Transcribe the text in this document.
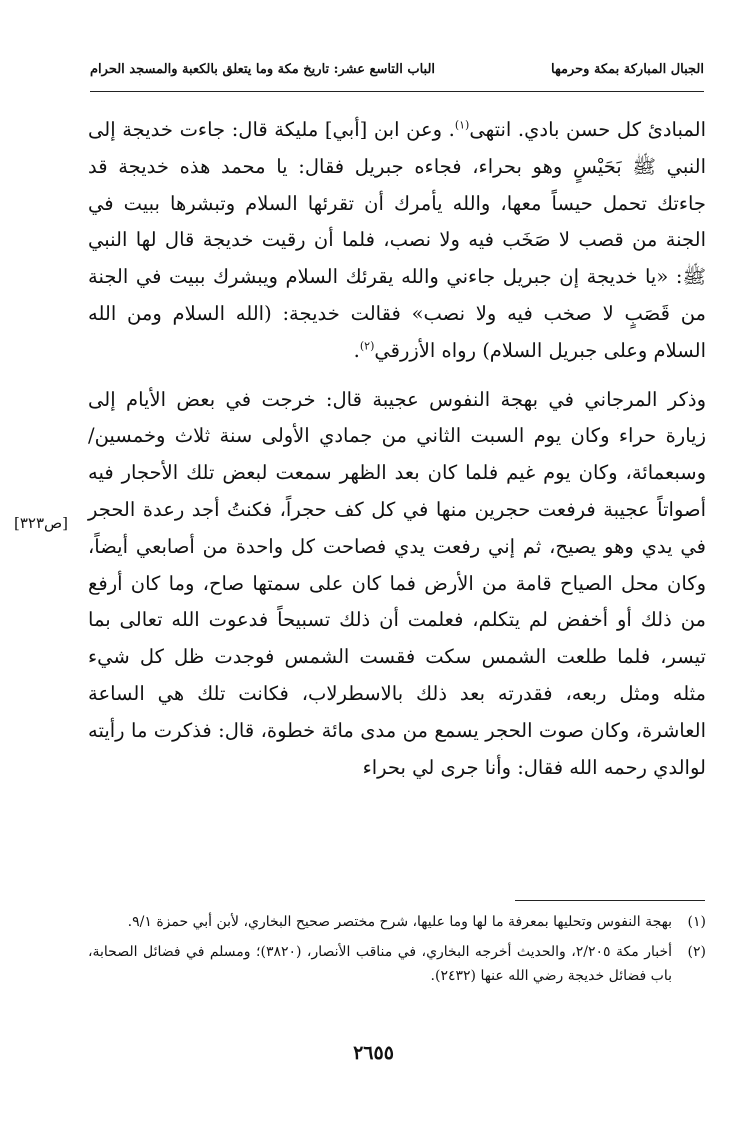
الجبال المباركة بمكة وحرمها
الباب التاسع عشر: تاريخ مكة وما يتعلق بالكعبة والمسجد الحرام

المبادئ كل حسن بادي. انتهى$^{(١)}$. وعن ابن [أبي] مليكة قال: جاءت خديجة إلى النبي ﷺ بَحَيْسٍ وهو بحراء، فجاءه جبريل فقال: يا محمد هذه خديجة قد جاءتك تحمل حيساً معها، والله يأمرك أن تقرئها السلام وتبشرها ببيت في الجنة من قصب لا صَخَب فيه ولا نصب، فلما أن رقيت خديجة قال لها النبي ﷺ: «يا خديجة إن جبريل جاءني والله يقرئك السلام ويبشرك ببيت في الجنة من قَصَبٍ لا صخب فيه ولا نصب» فقالت خديجة: (الله السلام ومن الله السلام وعلى جبريل السلام) رواه الأزرقي$^{(٢)}$.

وذكر المرجاني في بهجة النفوس عجيبة قال: خرجت في بعض الأيام إلى زيارة حراء وكان يوم السبت الثاني من جمادي الأولى سنة ثلاث وخمسين/ وسبعمائة، وكان يوم غيم فلما كان بعد الظهر سمعت لبعض تلك الأحجار فيه أصواتاً عجيبة فرفعت حجرين منها في كل كف حجراً، فكنتُ أجد رعدة الحجر في يدي وهو يصيح، ثم إني رفعت يدي فصاحت كل واحدة من أصابعي أيضاً، وكان محل الصياح قامة من الأرض فما كان على سمتها صاح، وما كان أرفع من ذلك أو أخفض لم يتكلم، فعلمت أن ذلك تسبيحاً فدعوت الله تعالى بما تيسر، فلما طلعت الشمس سكت فقست الشمس فوجدت ظل كل شيء مثله ومثل ربعه، فقدرته بعد ذلك بالاسطرلاب، فكانت تلك هي الساعة العاشرة، وكان صوت الحجر يسمع من مدى مائة خطوة، قال: فذكرت ما رأيته لوالدي رحمه الله فقال: وأنا جرى لي بحراء

[ص٣٢٣]
(١)
بهجة النفوس وتحليها بمعرفة ما لها وما عليها، شرح مختصر صحيح البخاري، لأبن أبي حمزة ٩/١.
(٢)
أخبار مكة ٢/٢٠٥، والحديث أخرجه البخاري، في مناقب الأنصار، (٣٨٢٠)؛ ومسلم في فضائل الصحابة، باب فضائل خديجة رضي الله عنها (٢٤٣٢).
٢٦٥٥
